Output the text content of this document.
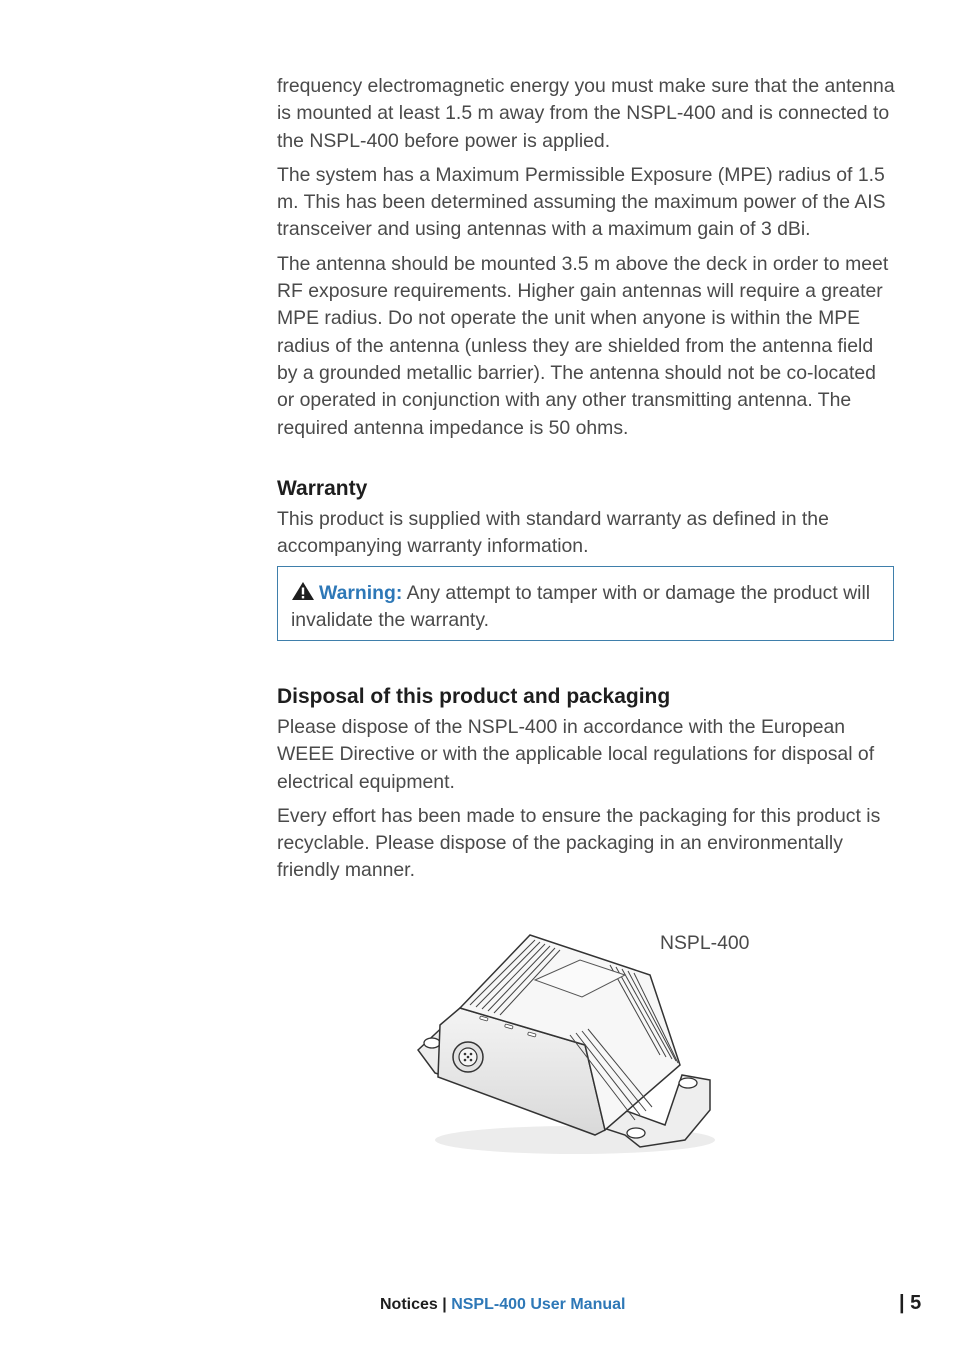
frequency electromagnetic energy you must make sure that the antenna is mounted at least 1.5 m away from the NSPL-400 and is connected to the NSPL-400 before power is applied.

The system has a Maximum Permissible Exposure (MPE) radius of 1.5 m. This has been determined assuming the maximum power of the AIS transceiver and using antennas with a maximum gain of 3 dBi.

The antenna should be mounted 3.5 m above the deck in order to meet RF exposure requirements. Higher gain antennas will require a greater MPE radius. Do not operate the unit when anyone is within the MPE radius of the antenna (unless they are shielded from the antenna field by a grounded metallic barrier). The antenna should not be co-located or operated in conjunction with any other transmitting antenna. The required antenna impedance is 50 ohms.

Warranty

This product is supplied with standard warranty as defined in the accompanying warranty information.

Warning: Any attempt to tamper with or damage the product will invalidate the warranty.
Disposal of this product and packaging

Please dispose of the NSPL-400 in accordance with the European WEEE Directive or with the applicable local regulations for disposal of electrical equipment.

Every effort has been made to ensure the packaging for this product is recyclable. Please dispose of the packaging in an environmentally friendly manner.

NSPL-400
Notices | NSPL-400 User Manual	| 5
